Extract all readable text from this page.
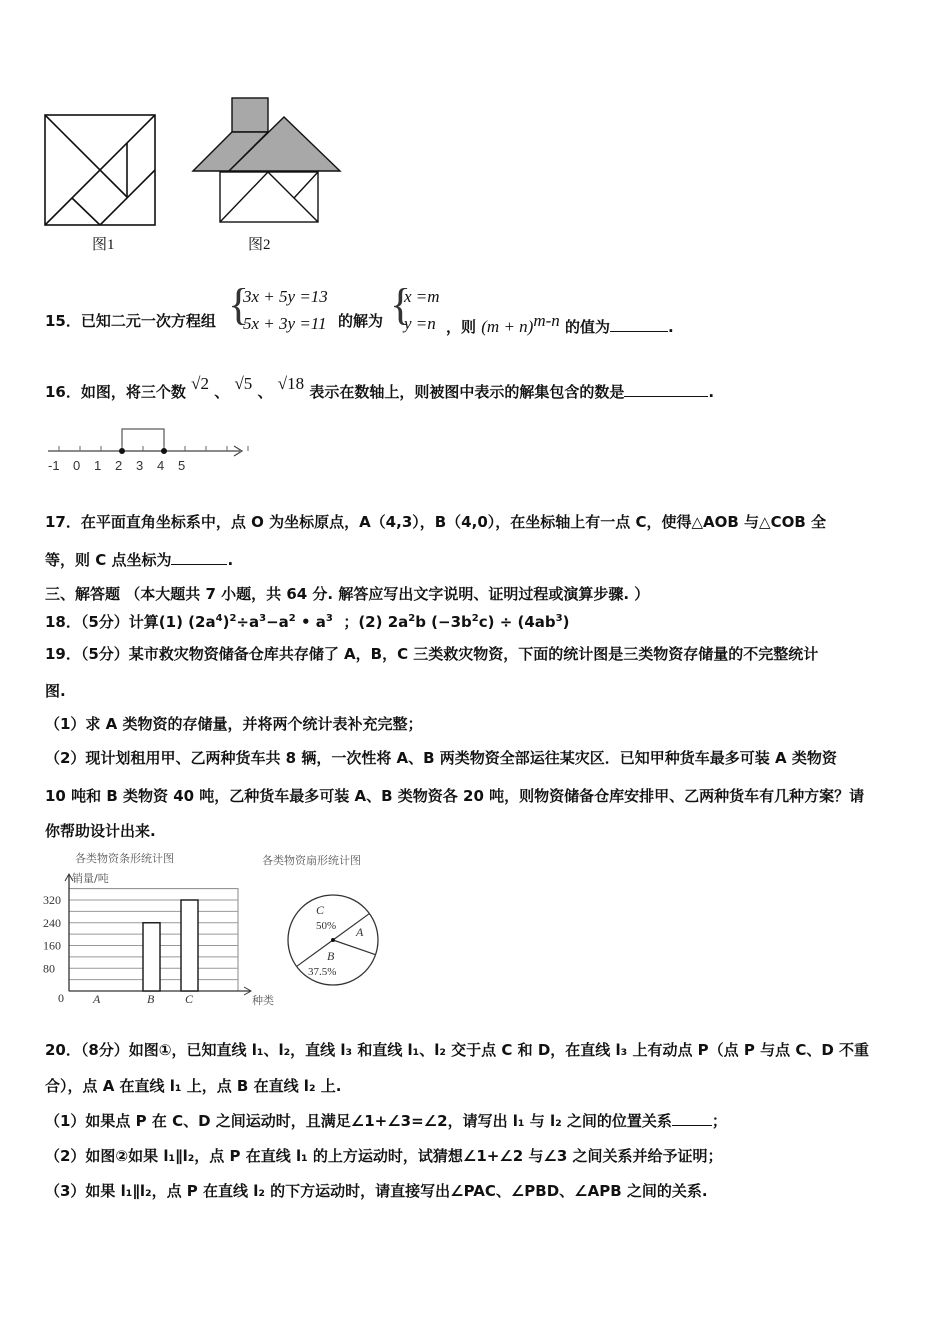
0
80
160
240
320
A	B	C	种类
C
50% A
B
37.5%
图1	图2
15．已知二元一次方程组 {
3x + 5y =13
5x + 3y =11 的解为 {
x =m
y =n ，则 $(m + n)^{m-n}$ 的值为	.
16．如图，将三个数 √2 、 √5 、 √18 表示在数轴上，则被图中表示的解集包含的数是	.
-1 0 1 2 3 4 5
17．在平面直角坐标系中，点 O 为坐标原点，A（4,3），B（4,0），在坐标轴上有一点 C，使得△AOB 与△COB 全
等，则 C 点坐标为	.
三、解答题 （本大题共 7 小题，共 64 分. 解答应写出文字说明、证明过程或演算步骤. ）
18．（5分）计算(1) $(2a^4)^2\div a^3-a^2$ • $a^3$  ；(2) $2a^2b$ $(-3b^2c) \div (4ab^3)$
19．（5分）某市救灾物资储备仓库共存储了 A，B，C 三类救灾物资，下面的统计图是三类物资存储量的不完整统计
图.
（1）求 A 类物资的存储量，并将两个统计表补充完整；
（2）现计划租用甲、乙两种货车共 8 辆，一次性将 A、B 两类物资全部运往某灾区．已知甲种货车最多可装 A 类物资
10 吨和 B 类物资 40 吨，乙种货车最多可装 A、B 类物资各 20 吨，则物资储备仓库安排甲、乙两种货车有几种方案？请
你帮助设计出来.
各类物资条形统计图
销量/吨
各类物资扇形统计图
20．（8分）如图①，已知直线 l₁、l₂，直线 l₃ 和直线 l₁、l₂ 交于点 C 和 D，在直线 l₃ 上有动点 P（点 P 与点 C、D 不重
合），点 A 在直线 l₁ 上，点 B 在直线 l₂ 上.
（1）如果点 P 在 C、D 之间运动时，且满足∠1+∠3=∠2，请写出 l₁ 与 l₂ 之间的位置关系	；
（2）如图②如果 l₁∥l₂，点 P 在直线 l₁ 的上方运动时，试猜想∠1+∠2 与∠3 之间关系并给予证明；
（3）如果 l₁∥l₂，点 P 在直线 l₂ 的下方运动时，请直接写出∠PAC、∠PBD、∠APB 之间的关系.
